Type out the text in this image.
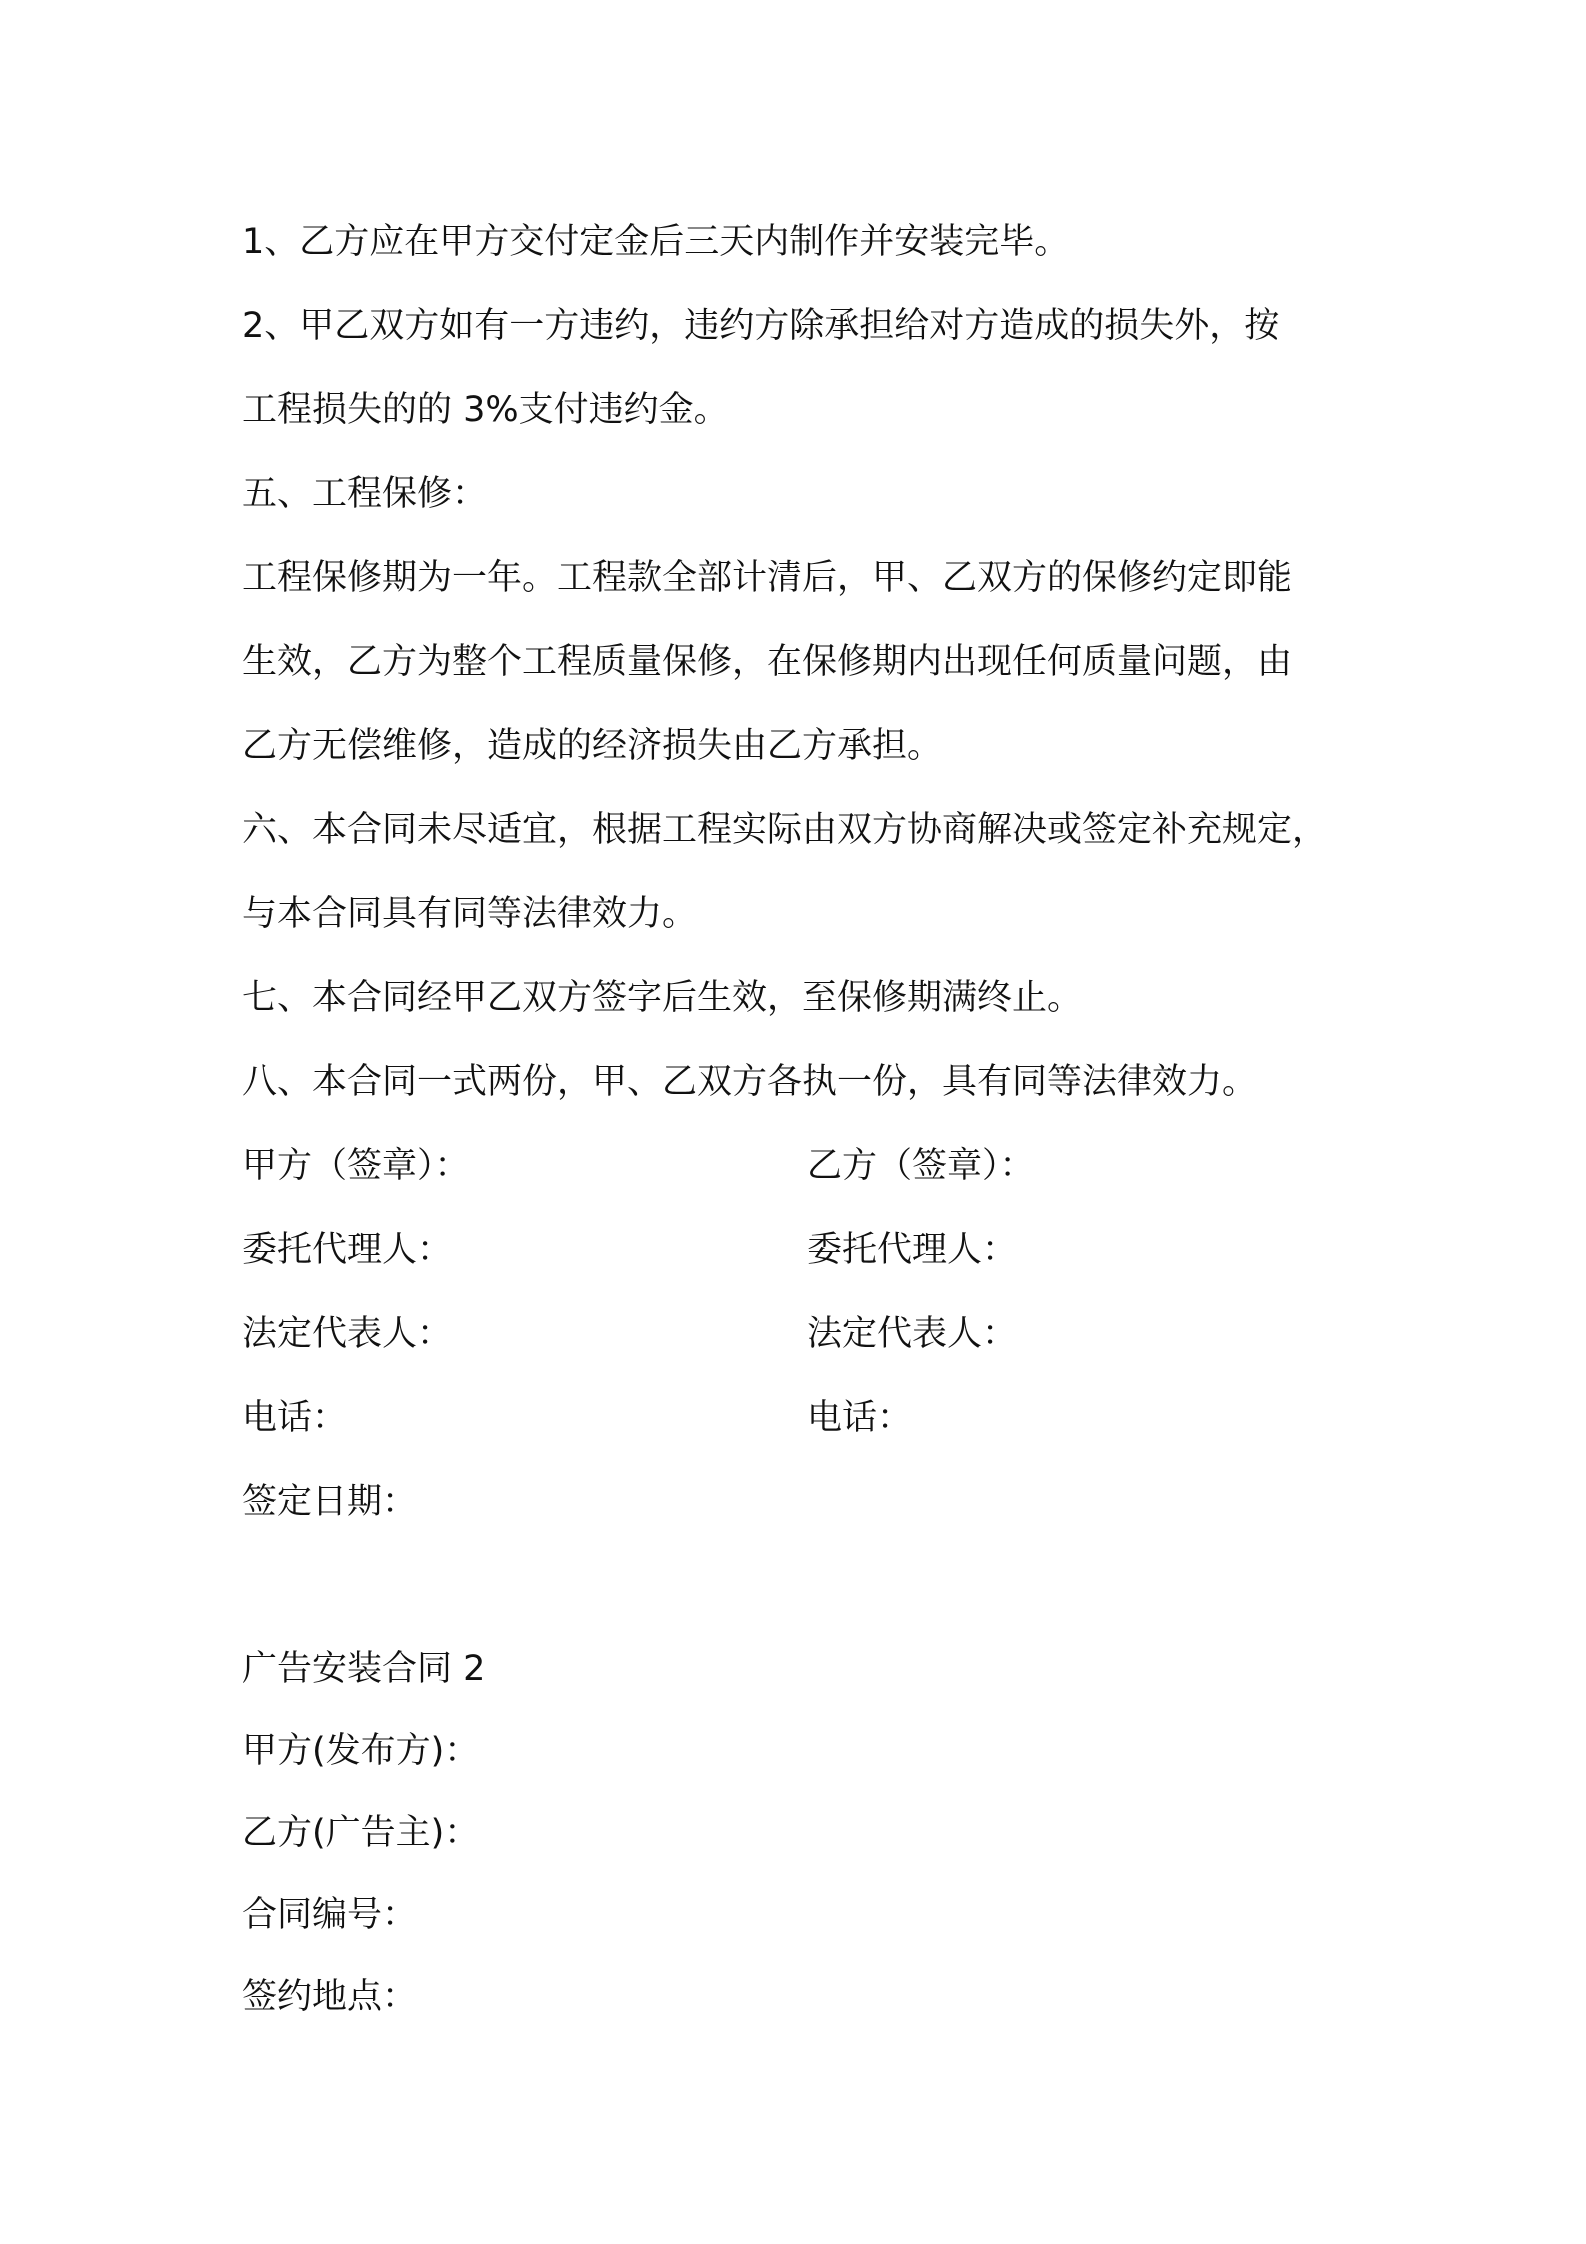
1、乙方应在甲方交付定金后三天内制作并安装完毕。

2、甲乙双方如有一方违约，违约方除承担给对方造成的损失外，按

工程损失的的 3%支付违约金。

五、工程保修：

工程保修期为一年。工程款全部计清后，甲、乙双方的保修约定即能

生效，乙方为整个工程质量保修，在保修期内出现任何质量问题，由

乙方无偿维修，造成的经济损失由乙方承担。

六、本合同未尽适宜，根据工程实际由双方协商解决或签定补充规定，

与本合同具有同等法律效力。

七、本合同经甲乙双方签字后生效，至保修期满终止。

八、本合同一式两份，甲、乙双方各执一份，具有同等法律效力。

甲方（签章）：	乙方（签章）：
委托代理人：	委托代理人：
法定代表人：	法定代表人：
电话：	电话：

签定日期：

广告安装合同 2

甲方(发布方)：

乙方(广告主)：

合同编号：

签约地点：
